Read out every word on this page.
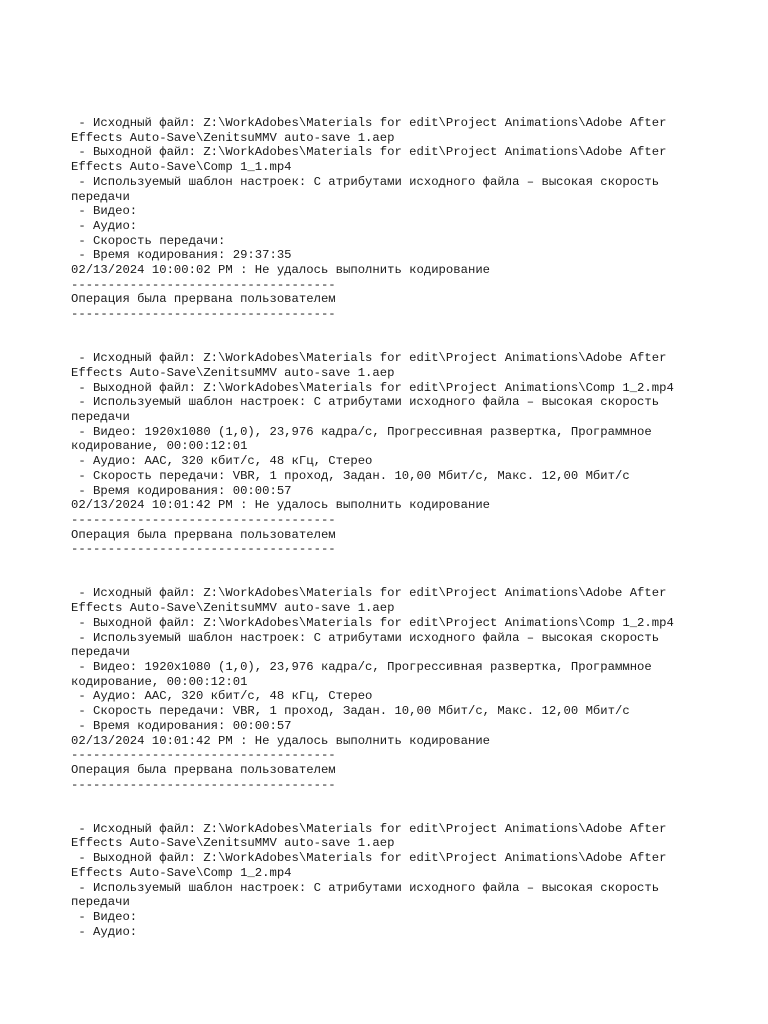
- Исходный файл: Z:\WorkAdobes\Materials for edit\Project Animations\Adobe After
Effects Auto-Save\ZenitsuMMV auto-save 1.aep
- Выходной файл: Z:\WorkAdobes\Materials for edit\Project Animations\Adobe After
Effects Auto-Save\Comp 1_1.mp4
- Используемый шаблон настроек: С атрибутами исходного файла – высокая скорость
передачи
- Видео:
- Аудио:
- Скорость передачи:
- Время кодирования: 29:37:35
02/13/2024 10:00:02 PM : Не удалось выполнить кодирование
------------------------------------
Операция была прервана пользователем
------------------------------------
- Исходный файл: Z:\WorkAdobes\Materials for edit\Project Animations\Adobe After
Effects Auto-Save\ZenitsuMMV auto-save 1.aep
- Выходной файл: Z:\WorkAdobes\Materials for edit\Project Animations\Comp 1_2.mp4
- Используемый шаблон настроек: С атрибутами исходного файла – высокая скорость
передачи
- Видео: 1920x1080 (1,0), 23,976 кадра/с, Прогрессивная развертка, Программное
кодирование, 00:00:12:01
- Аудио: AAC, 320 кбит/с, 48 кГц, Стерео
- Скорость передачи: VBR, 1 проход, Задан. 10,00 Мбит/с, Макс. 12,00 Мбит/с
- Время кодирования: 00:00:57
02/13/2024 10:01:42 PM : Не удалось выполнить кодирование
------------------------------------
Операция была прервана пользователем
------------------------------------
- Исходный файл: Z:\WorkAdobes\Materials for edit\Project Animations\Adobe After
Effects Auto-Save\ZenitsuMMV auto-save 1.aep
- Выходной файл: Z:\WorkAdobes\Materials for edit\Project Animations\Comp 1_2.mp4
- Используемый шаблон настроек: С атрибутами исходного файла – высокая скорость
передачи
- Видео: 1920x1080 (1,0), 23,976 кадра/с, Прогрессивная развертка, Программное
кодирование, 00:00:12:01
- Аудио: AAC, 320 кбит/с, 48 кГц, Стерео
- Скорость передачи: VBR, 1 проход, Задан. 10,00 Мбит/с, Макс. 12,00 Мбит/с
- Время кодирования: 00:00:57
02/13/2024 10:01:42 PM : Не удалось выполнить кодирование
------------------------------------
Операция была прервана пользователем
------------------------------------
- Исходный файл: Z:\WorkAdobes\Materials for edit\Project Animations\Adobe After
Effects Auto-Save\ZenitsuMMV auto-save 1.aep
- Выходной файл: Z:\WorkAdobes\Materials for edit\Project Animations\Adobe After
Effects Auto-Save\Comp 1_2.mp4
- Используемый шаблон настроек: С атрибутами исходного файла – высокая скорость
передачи
- Видео:
- Аудио:
